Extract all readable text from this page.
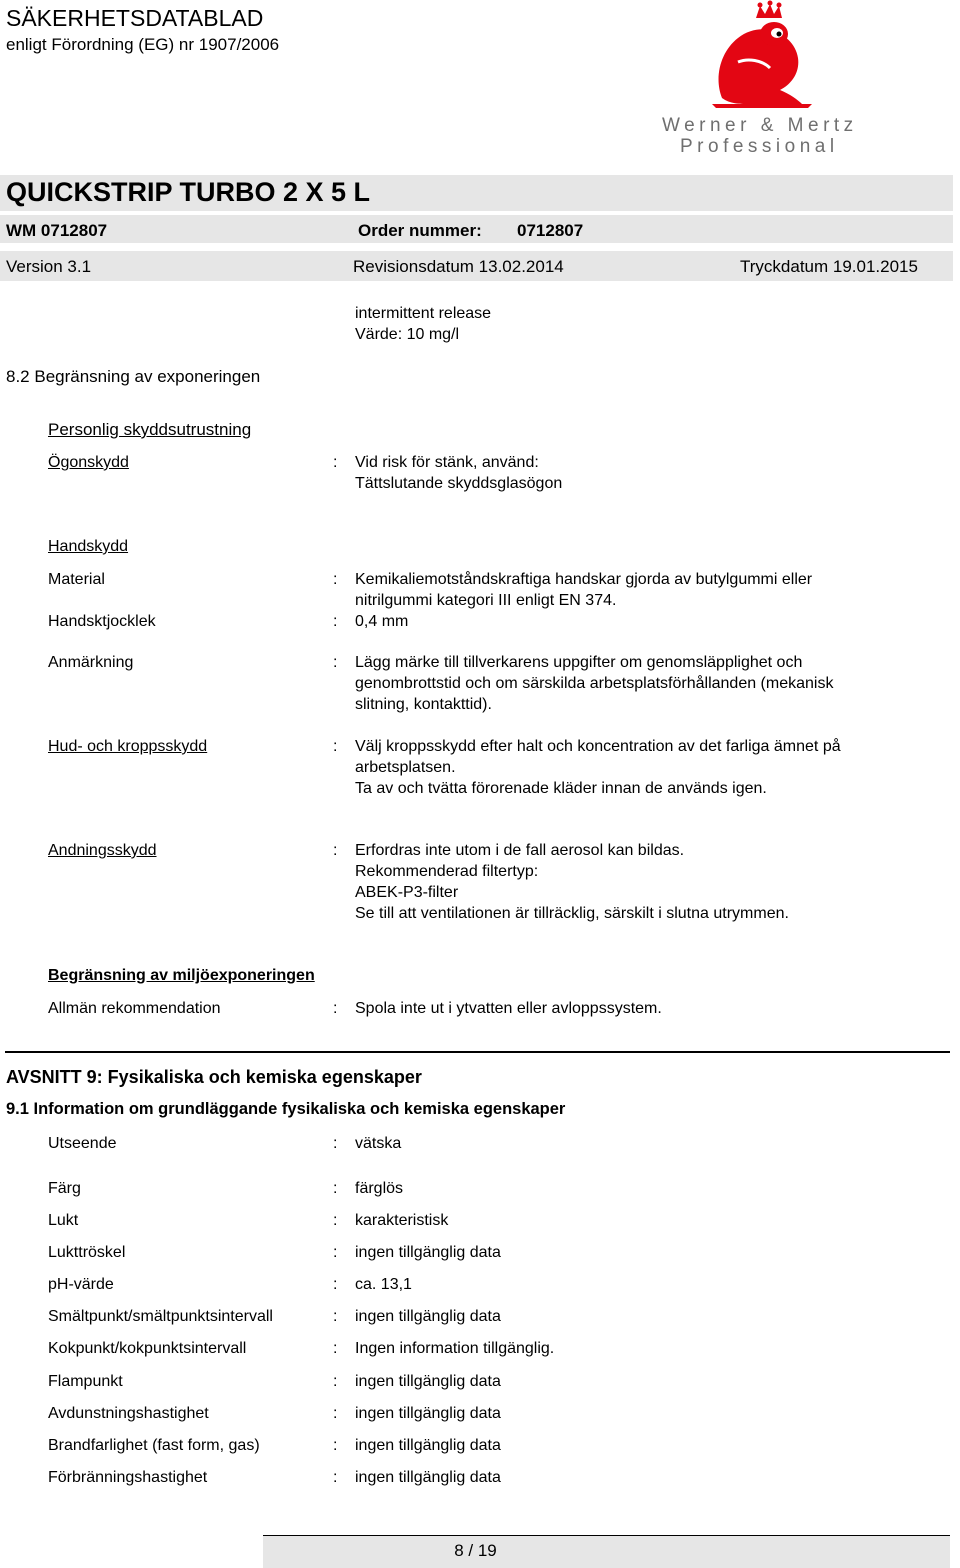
SÄKERHETSDATABLAD
enligt Förordning (EG) nr 1907/2006
Werner & Mertz
Professional
QUICKSTRIP TURBO 2 X 5 L
WM 0712807	Order nummer: 0712807
Version 3.1	Revisionsdatum 13.02.2014	Tryckdatum 19.01.2015
intermittent release
Värde: 10 mg/l
8.2 Begränsning av exponeringen
Personlig skyddsutrustning
Ögonskydd	: Vid risk för stänk, använd:
Tättslutande skyddsglasögon
Handskydd
Material	: Kemikaliemotståndskraftiga handskar gjorda av butylgummi eller
nitrilgummi kategori III enligt EN 374.
Handsktjocklek	: 0,4 mm
Anmärkning	: Lägg märke till tillverkarens uppgifter om genomsläpplighet och
genombrottstid och om särskilda arbetsplatsförhållanden (mekanisk
slitning, kontakttid).
Hud- och kroppsskydd	: Välj kroppsskydd efter halt och koncentration av det farliga ämnet på
arbetsplatsen.
Ta av och tvätta förorenade kläder innan de används igen.
Andningsskydd	: Erfordras inte utom i de fall aerosol kan bildas.
Rekommenderad filtertyp:
ABEK-P3-filter
Se till att ventilationen är tillräcklig, särskilt i slutna utrymmen.
Begränsning av miljöexponeringen
Allmän rekommendation	: Spola inte ut i ytvatten eller avloppssystem.
AVSNITT 9: Fysikaliska och kemiska egenskaper
9.1 Information om grundläggande fysikaliska och kemiska egenskaper
Utseende	: vätska
Färg	: färglös
Lukt	: karakteristisk
Lukttröskel	: ingen tillgänglig data
pH-värde	: ca. 13,1
Smältpunkt/smältpunktsintervall	: ingen tillgänglig data
Kokpunkt/kokpunktsintervall	: Ingen information tillgänglig.
Flampunkt	: ingen tillgänglig data
Avdunstningshastighet	: ingen tillgänglig data
Brandfarlighet (fast form, gas)	: ingen tillgänglig data
Förbränningshastighet	: ingen tillgänglig data
8 / 19
